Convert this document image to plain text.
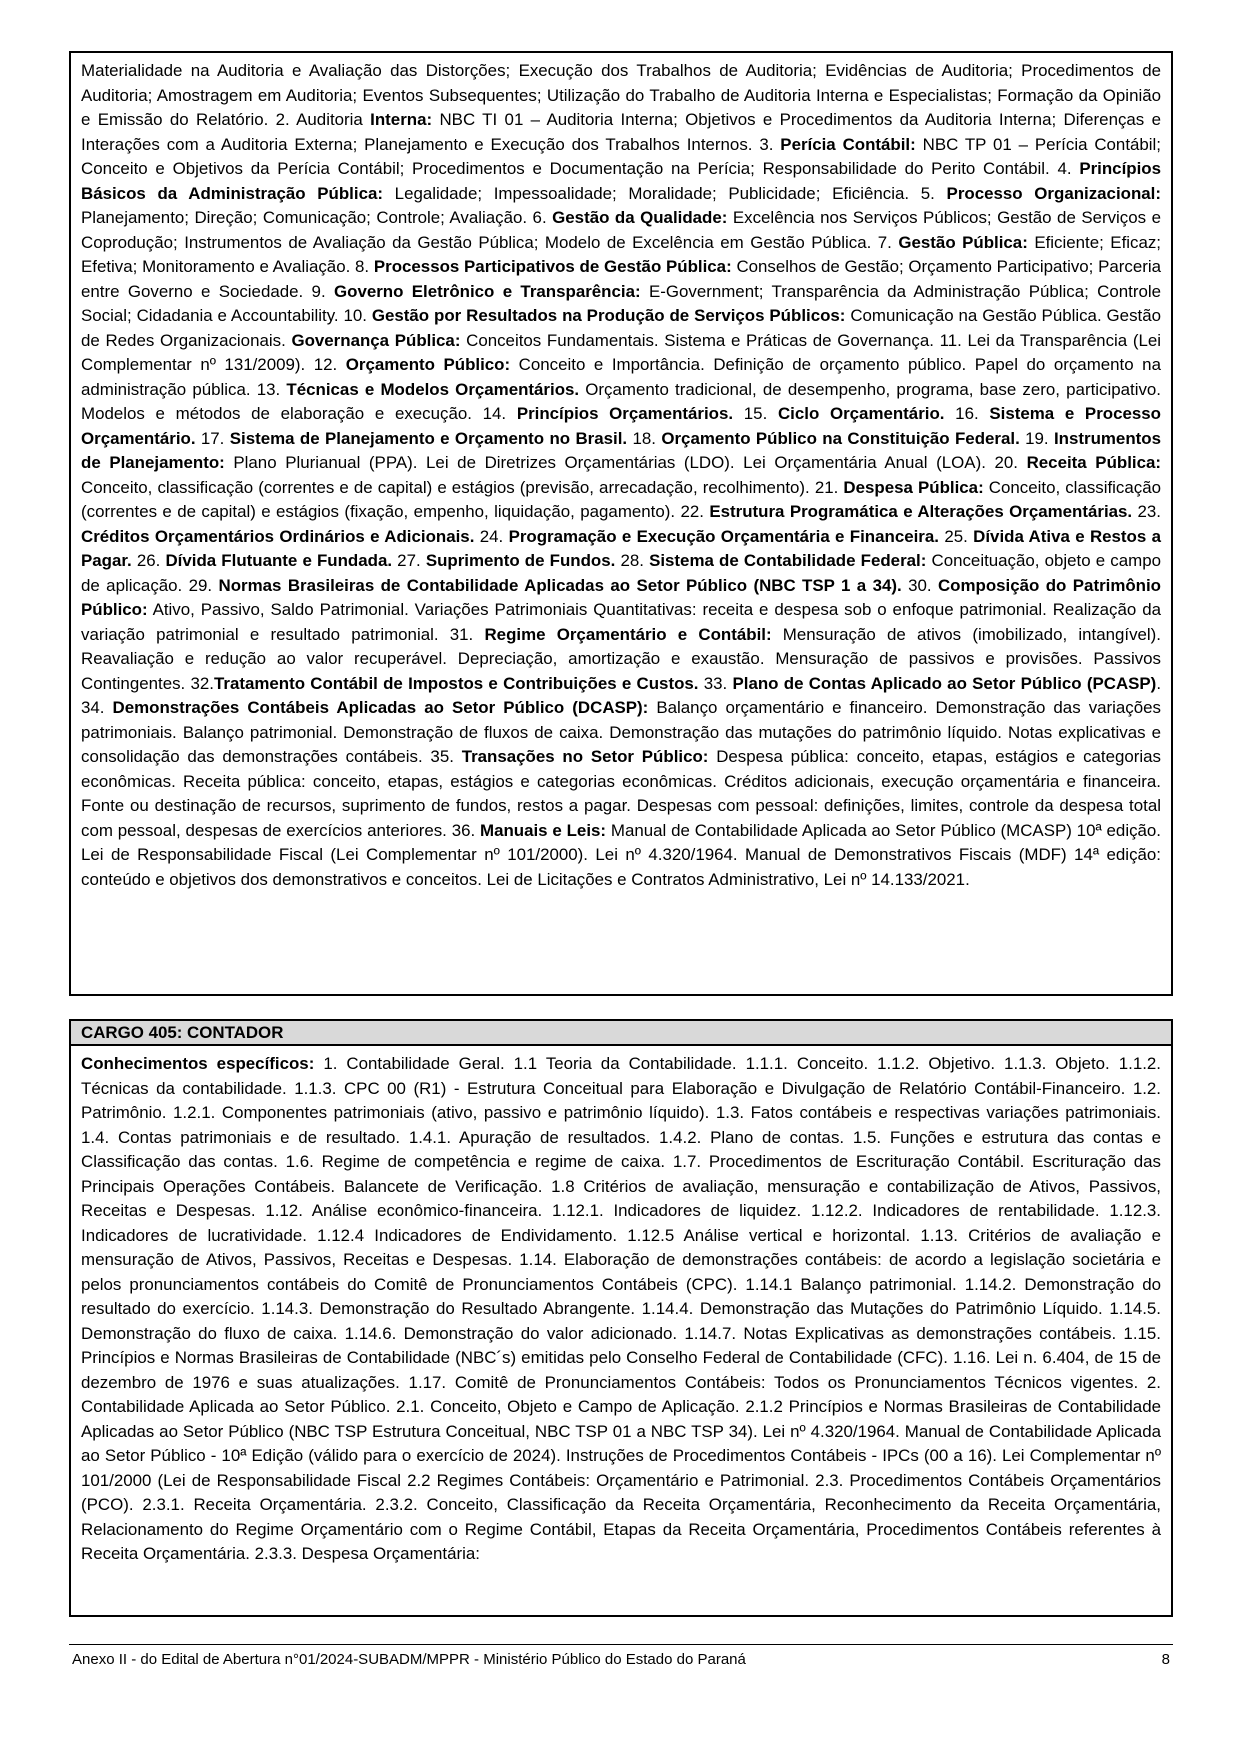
Materialidade na Auditoria e Avaliação das Distorções; Execução dos Trabalhos de Auditoria; Evidências de Auditoria; Procedimentos de Auditoria; Amostragem em Auditoria; Eventos Subsequentes; Utilização do Trabalho de Auditoria Interna e Especialistas; Formação da Opinião e Emissão do Relatório. 2. Auditoria Interna: NBC TI 01 – Auditoria Interna; Objetivos e Procedimentos da Auditoria Interna; Diferenças e Interações com a Auditoria Externa; Planejamento e Execução dos Trabalhos Internos. 3. Perícia Contábil: NBC TP 01 – Perícia Contábil; Conceito e Objetivos da Perícia Contábil; Procedimentos e Documentação na Perícia; Responsabilidade do Perito Contábil. 4. Princípios Básicos da Administração Pública: Legalidade; Impessoalidade; Moralidade; Publicidade; Eficiência. 5. Processo Organizacional: Planejamento; Direção; Comunicação; Controle; Avaliação. 6. Gestão da Qualidade: Excelência nos Serviços Públicos; Gestão de Serviços e Coprodução; Instrumentos de Avaliação da Gestão Pública; Modelo de Excelência em Gestão Pública. 7. Gestão Pública: Eficiente; Eficaz; Efetiva; Monitoramento e Avaliação. 8. Processos Participativos de Gestão Pública: Conselhos de Gestão; Orçamento Participativo; Parceria entre Governo e Sociedade. 9. Governo Eletrônico e Transparência: E-Government; Transparência da Administração Pública; Controle Social; Cidadania e Accountability. 10. Gestão por Resultados na Produção de Serviços Públicos: Comunicação na Gestão Pública. Gestão de Redes Organizacionais. Governança Pública: Conceitos Fundamentais. Sistema e Práticas de Governança. 11. Lei da Transparência (Lei Complementar nº 131/2009). 12. Orçamento Público: Conceito e Importância. Definição de orçamento público. Papel do orçamento na administração pública. 13. Técnicas e Modelos Orçamentários. Orçamento tradicional, de desempenho, programa, base zero, participativo. Modelos e métodos de elaboração e execução. 14. Princípios Orçamentários. 15. Ciclo Orçamentário. 16. Sistema e Processo Orçamentário. 17. Sistema de Planejamento e Orçamento no Brasil. 18. Orçamento Público na Constituição Federal. 19. Instrumentos de Planejamento: Plano Plurianual (PPA). Lei de Diretrizes Orçamentárias (LDO). Lei Orçamentária Anual (LOA). 20. Receita Pública: Conceito, classificação (correntes e de capital) e estágios (previsão, arrecadação, recolhimento). 21. Despesa Pública: Conceito, classificação (correntes e de capital) e estágios (fixação, empenho, liquidação, pagamento). 22. Estrutura Programática e Alterações Orçamentárias. 23. Créditos Orçamentários Ordinários e Adicionais. 24. Programação e Execução Orçamentária e Financeira. 25. Dívida Ativa e Restos a Pagar. 26. Dívida Flutuante e Fundada. 27. Suprimento de Fundos. 28. Sistema de Contabilidade Federal: Conceituação, objeto e campo de aplicação. 29. Normas Brasileiras de Contabilidade Aplicadas ao Setor Público (NBC TSP 1 a 34). 30. Composição do Patrimônio Público: Ativo, Passivo, Saldo Patrimonial. Variações Patrimoniais Quantitativas: receita e despesa sob o enfoque patrimonial. Realização da variação patrimonial e resultado patrimonial. 31. Regime Orçamentário e Contábil: Mensuração de ativos (imobilizado, intangível). Reavaliação e redução ao valor recuperável. Depreciação, amortização e exaustão. Mensuração de passivos e provisões. Passivos Contingentes. 32.Tratamento Contábil de Impostos e Contribuições e Custos. 33. Plano de Contas Aplicado ao Setor Público (PCASP). 34. Demonstrações Contábeis Aplicadas ao Setor Público (DCASP): Balanço orçamentário e financeiro. Demonstração das variações patrimoniais. Balanço patrimonial. Demonstração de fluxos de caixa. Demonstração das mutações do patrimônio líquido. Notas explicativas e consolidação das demonstrações contábeis. 35. Transações no Setor Público: Despesa pública: conceito, etapas, estágios e categorias econômicas. Receita pública: conceito, etapas, estágios e categorias econômicas. Créditos adicionais, execução orçamentária e financeira. Fonte ou destinação de recursos, suprimento de fundos, restos a pagar. Despesas com pessoal: definições, limites, controle da despesa total com pessoal, despesas de exercícios anteriores. 36. Manuais e Leis: Manual de Contabilidade Aplicada ao Setor Público (MCASP) 10ª edição. Lei de Responsabilidade Fiscal (Lei Complementar nº 101/2000). Lei nº 4.320/1964. Manual de Demonstrativos Fiscais (MDF) 14ª edição: conteúdo e objetivos dos demonstrativos e conceitos. Lei de Licitações e Contratos Administrativo, Lei nº 14.133/2021.
CARGO 405: CONTADOR
Conhecimentos específicos: 1. Contabilidade Geral. 1.1 Teoria da Contabilidade. 1.1.1. Conceito. 1.1.2. Objetivo. 1.1.3. Objeto. 1.1.2. Técnicas da contabilidade. 1.1.3. CPC 00 (R1) - Estrutura Conceitual para Elaboração e Divulgação de Relatório Contábil-Financeiro. 1.2. Patrimônio. 1.2.1. Componentes patrimoniais (ativo, passivo e patrimônio líquido). 1.3. Fatos contábeis e respectivas variações patrimoniais. 1.4. Contas patrimoniais e de resultado. 1.4.1. Apuração de resultados. 1.4.2. Plano de contas. 1.5. Funções e estrutura das contas e Classificação das contas. 1.6. Regime de competência e regime de caixa. 1.7. Procedimentos de Escrituração Contábil. Escrituração das Principais Operações Contábeis. Balancete de Verificação. 1.8 Critérios de avaliação, mensuração e contabilização de Ativos, Passivos, Receitas e Despesas. 1.12. Análise econômico-financeira. 1.12.1. Indicadores de liquidez. 1.12.2. Indicadores de rentabilidade. 1.12.3. Indicadores de lucratividade. 1.12.4 Indicadores de Endividamento. 1.12.5 Análise vertical e horizontal. 1.13. Critérios de avaliação e mensuração de Ativos, Passivos, Receitas e Despesas. 1.14. Elaboração de demonstrações contábeis: de acordo a legislação societária e pelos pronunciamentos contábeis do Comitê de Pronunciamentos Contábeis (CPC). 1.14.1 Balanço patrimonial. 1.14.2. Demonstração do resultado do exercício. 1.14.3. Demonstração do Resultado Abrangente. 1.14.4. Demonstração das Mutações do Patrimônio Líquido. 1.14.5. Demonstração do fluxo de caixa. 1.14.6. Demonstração do valor adicionado. 1.14.7. Notas Explicativas as demonstrações contábeis. 1.15. Princípios e Normas Brasileiras de Contabilidade (NBC´s) emitidas pelo Conselho Federal de Contabilidade (CFC). 1.16. Lei n. 6.404, de 15 de dezembro de 1976 e suas atualizações. 1.17. Comitê de Pronunciamentos Contábeis: Todos os Pronunciamentos Técnicos vigentes. 2. Contabilidade Aplicada ao Setor Público. 2.1. Conceito, Objeto e Campo de Aplicação. 2.1.2 Princípios e Normas Brasileiras de Contabilidade Aplicadas ao Setor Público (NBC TSP Estrutura Conceitual, NBC TSP 01 a NBC TSP 34). Lei nº 4.320/1964. Manual de Contabilidade Aplicada ao Setor Público - 10ª Edição (válido para o exercício de 2024). Instruções de Procedimentos Contábeis - IPCs (00 a 16). Lei Complementar nº 101/2000 (Lei de Responsabilidade Fiscal 2.2 Regimes Contábeis: Orçamentário e Patrimonial. 2.3. Procedimentos Contábeis Orçamentários (PCO). 2.3.1. Receita Orçamentária. 2.3.2. Conceito, Classificação da Receita Orçamentária, Reconhecimento da Receita Orçamentária, Relacionamento do Regime Orçamentário com o Regime Contábil, Etapas da Receita Orçamentária, Procedimentos Contábeis referentes à Receita Orçamentária. 2.3.3. Despesa Orçamentária:
Anexo II - do Edital de Abertura n°01/2024-SUBADM/MPPR - Ministério Público do Estado do Paraná	8
